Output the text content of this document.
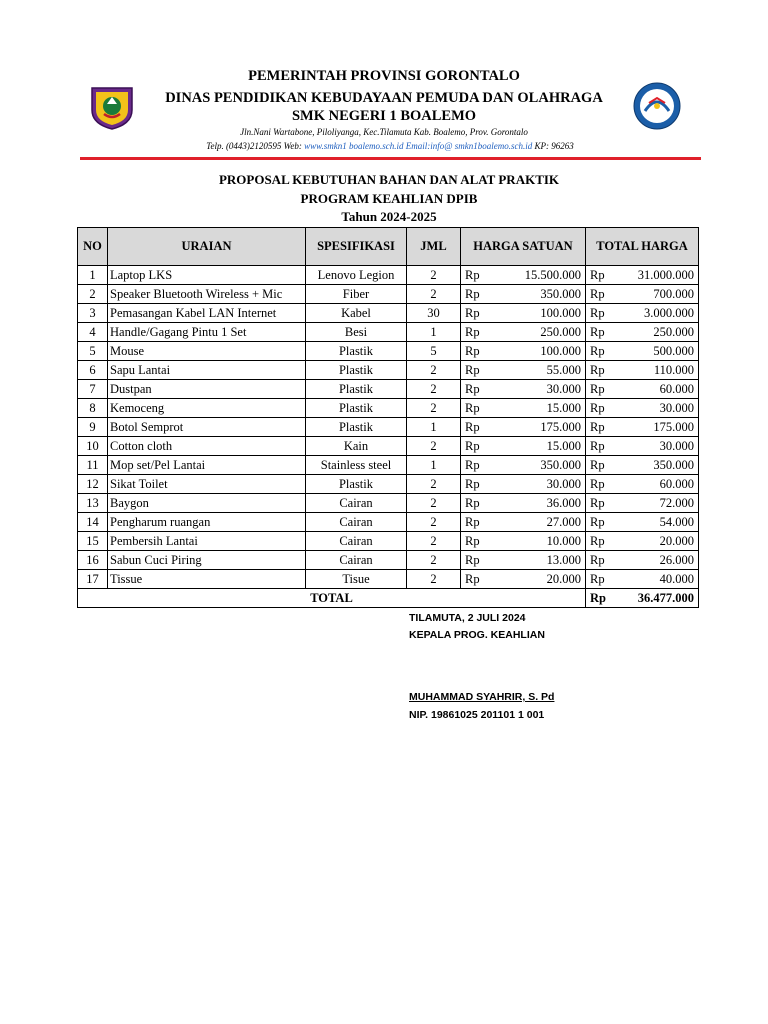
PEMERINTAH PROVINSI GORONTALO
DINAS PENDIDIKAN KEBUDAYAAN PEMUDA DAN OLAHRAGA
SMK NEGERI 1 BOALEMO
Jln.Nani Wartabone, Piloliyanga, Kec.Tilamuta Kab. Boalemo, Prov. Gorontalo
Telp. (0443)2120595 Web: www.smkn1 boalemo.sch.id Email:info@ smkn1boalemo.sch.id KP: 96263
PROPOSAL KEBUTUHAN BAHAN DAN ALAT PRAKTIK
PROGRAM KEAHLIAN DPIB
Tahun 2024-2025
NO	URAIAN	SPESIFIKASI	JML	HARGA SATUAN	TOTAL HARGA
1	Laptop LKS	Lenovo Legion	2	Rp 15.500.000	Rp 31.000.000

2	Speaker Bluetooth Wireless + Mic	Fiber	2	Rp 350.000	Rp 700.000

3	Pemasangan Kabel LAN Internet	Kabel	30	Rp 100.000	Rp 3.000.000

4	Handle/Gagang Pintu 1 Set	Besi	1	Rp 250.000	Rp 250.000

5	Mouse	Plastik	5	Rp 100.000	Rp 500.000

6	Sapu Lantai	Plastik	2	Rp 55.000	Rp 110.000

7	Dustpan	Plastik	2	Rp 30.000	Rp 60.000

8	Kemoceng	Plastik	2	Rp 15.000	Rp 30.000

9	Botol Semprot	Plastik	1	Rp 175.000	Rp 175.000

10	Cotton cloth	Kain	2	Rp 15.000	Rp 30.000

11	Mop set/Pel Lantai	Stainless steel	1	Rp 350.000	Rp 350.000

12	Sikat Toilet	Plastik	2	Rp 30.000	Rp 60.000

13	Baygon	Cairan	2	Rp 36.000	Rp 72.000

14	Pengharum ruangan	Cairan	2	Rp 27.000	Rp 54.000

15	Pembersih Lantai	Cairan	2	Rp 10.000	Rp 20.000

16	Sabun Cuci Piring	Cairan	2	Rp 13.000	Rp 26.000

17	Tissue	Tisue	2	Rp 20.000	Rp 40.000

TOTAL					Rp 36.477.000
TILAMUTA, 2 JULI 2024
KEPALA PROG. KEAHLIAN
MUHAMMAD SYAHRIR, S. Pd
NIP. 19861025 201101 1 001
